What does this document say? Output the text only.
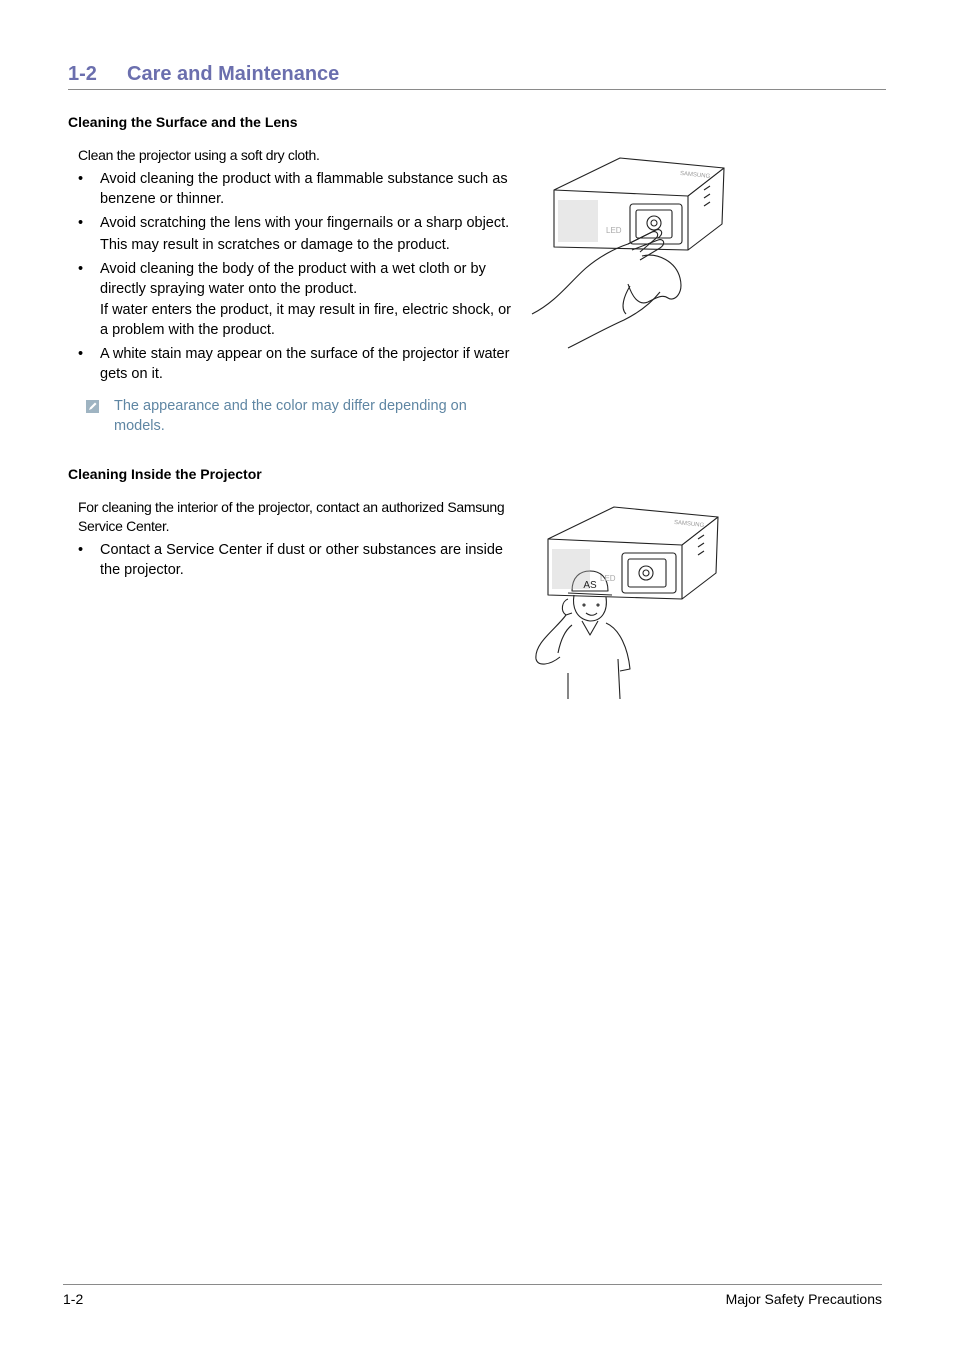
1-2 Care and Maintenance
Cleaning the Surface and the Lens
Clean the projector using a soft dry cloth.
• Avoid cleaning the product with a flammable substance such as benzene or thinner.
• Avoid scratching the lens with your fingernails or a sharp object.
This may result in scratches or damage to the product.
• Avoid cleaning the body of the product with a wet cloth or by directly spraying water onto the product.
If water enters the product, it may result in fire, electric shock, or a problem with the product.
• A white stain may appear on the surface of the projector if water gets on it.
The appearance and the color may differ depending on models.
SAMSUNG
LED
Cleaning Inside the Projector
For cleaning the interior of the projector, contact an authorized Samsung Service Center.
• Contact a Service Center if dust or other substances are inside the projector.
SAMSUNG
LED
AS
1-2	Major Safety Precautions
